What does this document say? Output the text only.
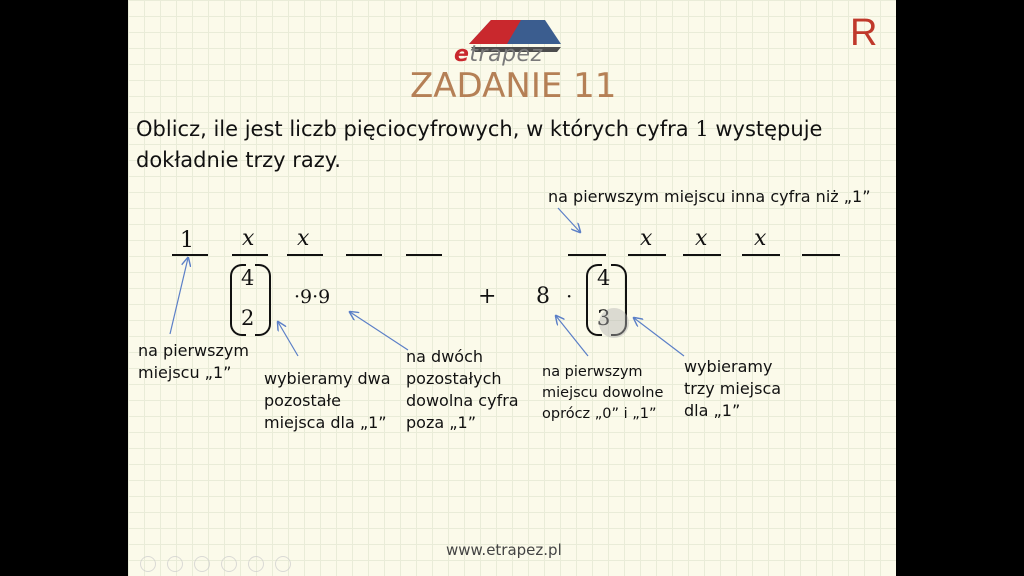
etrapez
ZADANIE 11
R
Oblicz, ile jest liczb pięciocyfrowych, w których cyfra 1 występuje dokładnie trzy razy.
1 x x
4
2
·9·9	+
na pierwszym miejscu inna cyfra niż „1”
x x x
8 ·
4
3
na pierwszym miejscu „1”	wybieramy dwa pozostałe miejsca dla „1”
na dwóch pozostałych dowolna cyfra poza „1”
na pierwszym miejscu dowolne oprócz „0” i „1”
wybieramy trzy miejsca dla „1”
www.etrapez.pl
